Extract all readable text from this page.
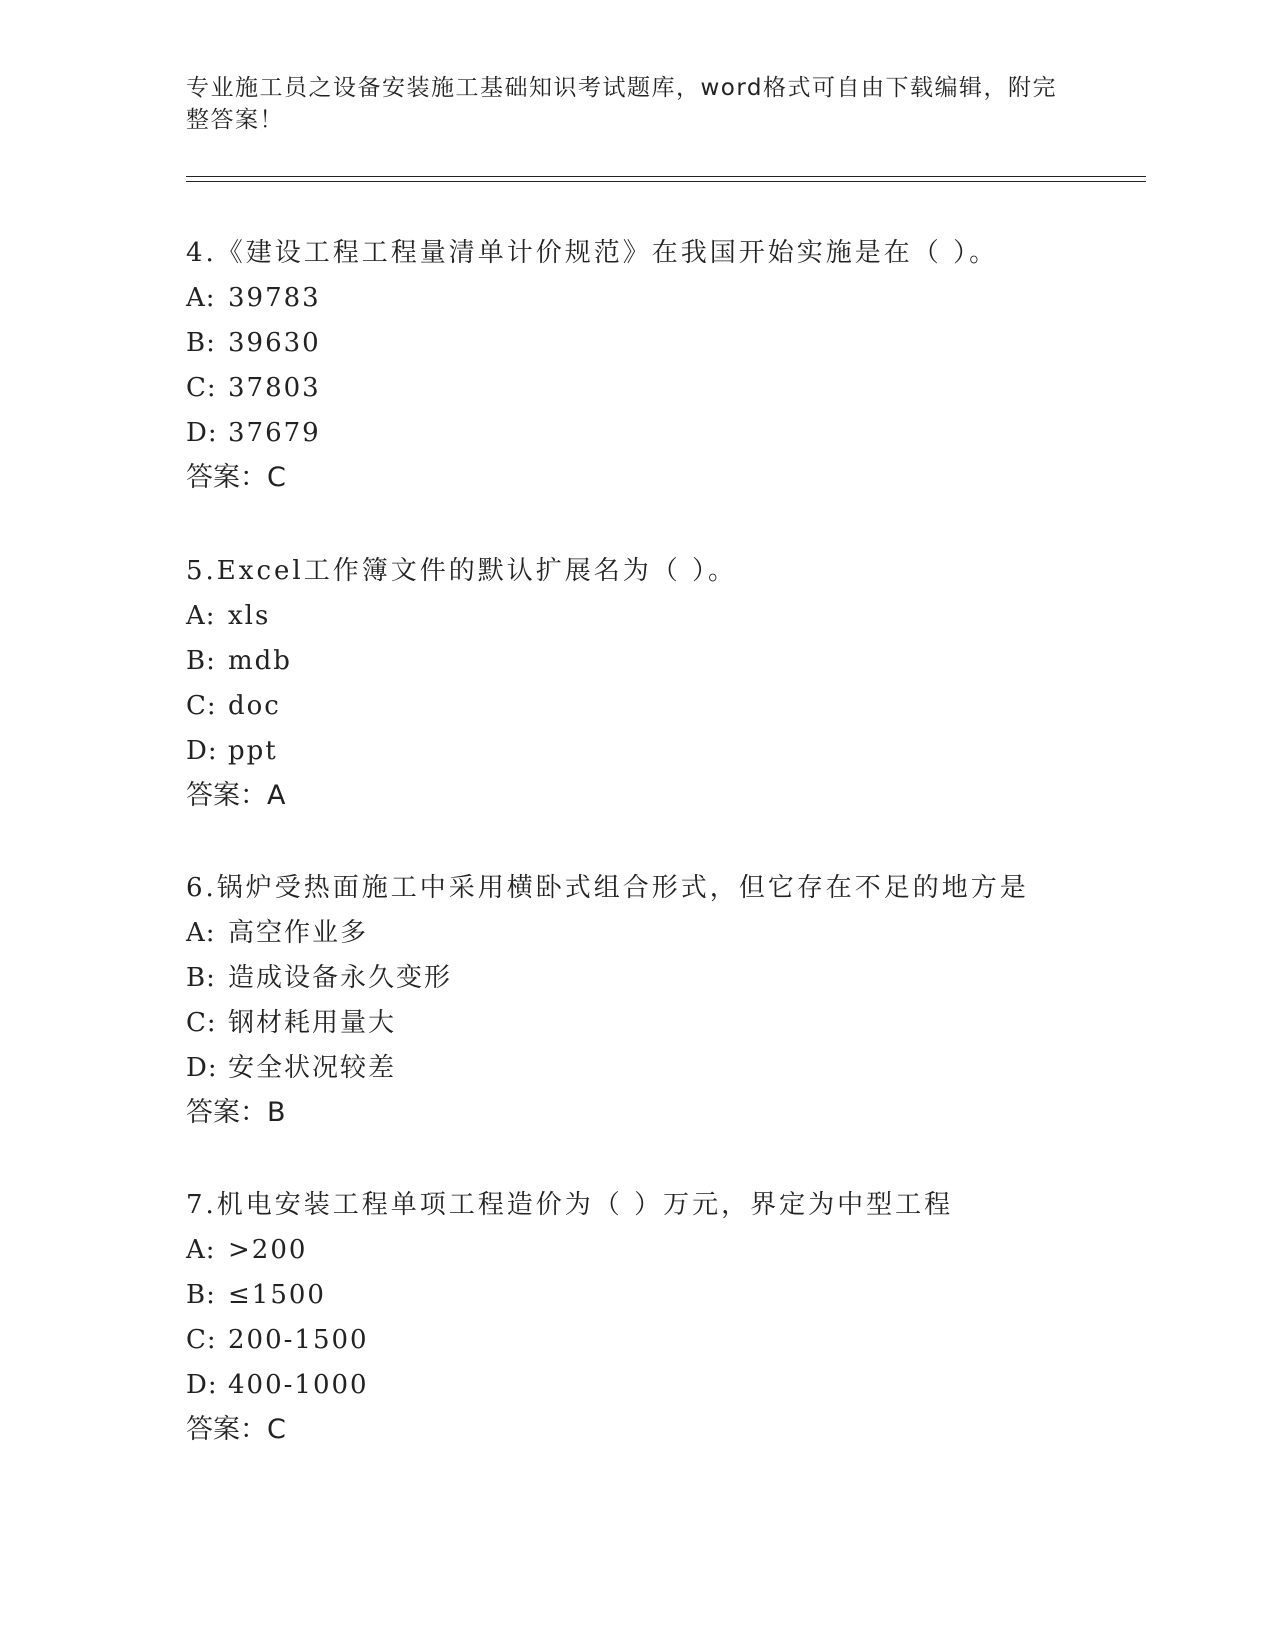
专业施工员之设备安装施工基础知识考试题库，word格式可自由下载编辑，附完
整答案！
4.《建设工程工程量清单计价规范》在我国开始实施是在（ ）。
A: 39783
B: 39630
C: 37803
D: 37679
答案：C
5.Excel工作簿文件的默认扩展名为（ ）。
A: xls
B: mdb
C: doc
D: ppt
答案：A
6.锅炉受热面施工中采用横卧式组合形式，但它存在不足的地方是
A: 高空作业多
B: 造成设备永久变形
C: 钢材耗用量大
D: 安全状况较差
答案：B
7.机电安装工程单项工程造价为（ ）万元，界定为中型工程
A: >200
B: ≤1500
C: 200-1500
D: 400-1000
答案：C
